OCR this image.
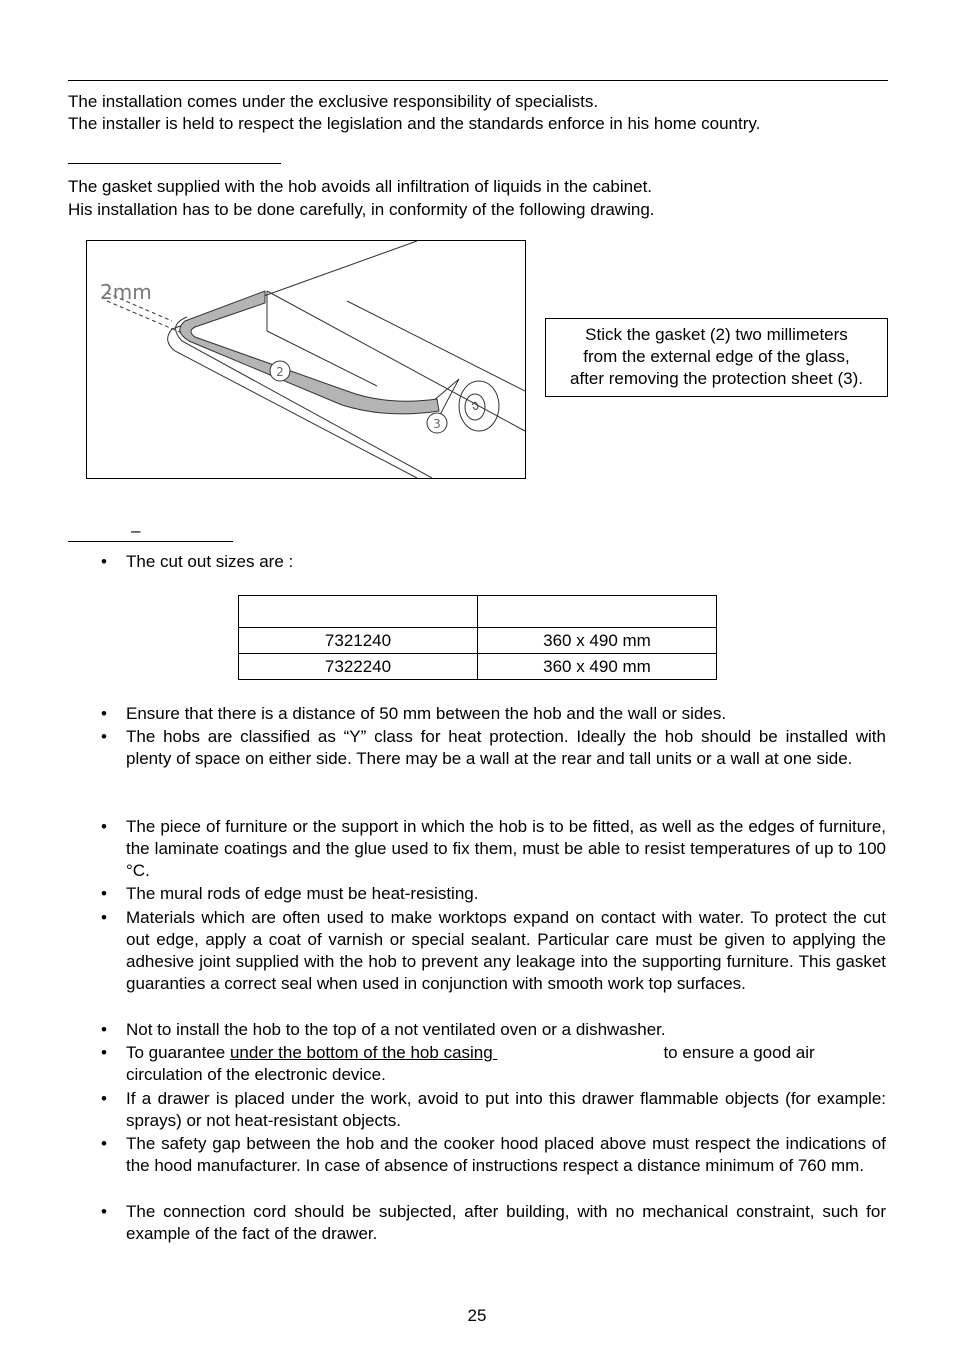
The installation comes under the exclusive responsibility of specialists.
The installer is held to respect the legislation and the standards enforce in his home country.
The gasket supplied with the hob avoids all infiltration of liquids in the cabinet.
His installation has to be done carefully, in conformity of the following drawing.
2
3
2mm
Stick the gasket (2) two millimeters
from the external edge of the glass,
after removing the protection sheet (3).
–
• The cut out sizes are :

7321240	360 x 490 mm
7322240	360 x 490 mm
• Ensure that there is a distance of 50 mm between the hob and the wall or sides.
• The hobs are classified as “Y” class for heat protection. Ideally the hob should be installed with plenty of space on either side. There may be a wall at the rear and tall units or a wall at one side.
• The piece of furniture or the support in which the hob is to be fitted, as well as the edges of furniture, the laminate coatings and the glue used to fix them, must be able to resist temperatures of up to 100 °C.
• The mural rods of edge must be heat-resisting.
• Materials which are often used to make worktops expand on contact with water. To protect the cut out edge, apply a coat of varnish or special sealant. Particular care must be given to applying the adhesive joint supplied with the hob to prevent any leakage into the supporting furniture. This gasket guaranties a correct seal when used in conjunction with smooth work top surfaces.
• Not to install the hob to the top of a not ventilated oven or a dishwasher.
• To guarantee under the bottom of the hob casing	to ensure a good air circulation of the electronic device.
• If a drawer is placed under the work, avoid to put into this drawer flammable objects (for example: sprays) or not heat-resistant objects.
• The safety gap between the hob and the cooker hood placed above must respect the indications of the hood manufacturer. In case of absence of instructions respect a distance minimum of 760 mm.
• The connection cord should be subjected, after building, with no mechanical constraint, such for example of the fact of the drawer.
25
